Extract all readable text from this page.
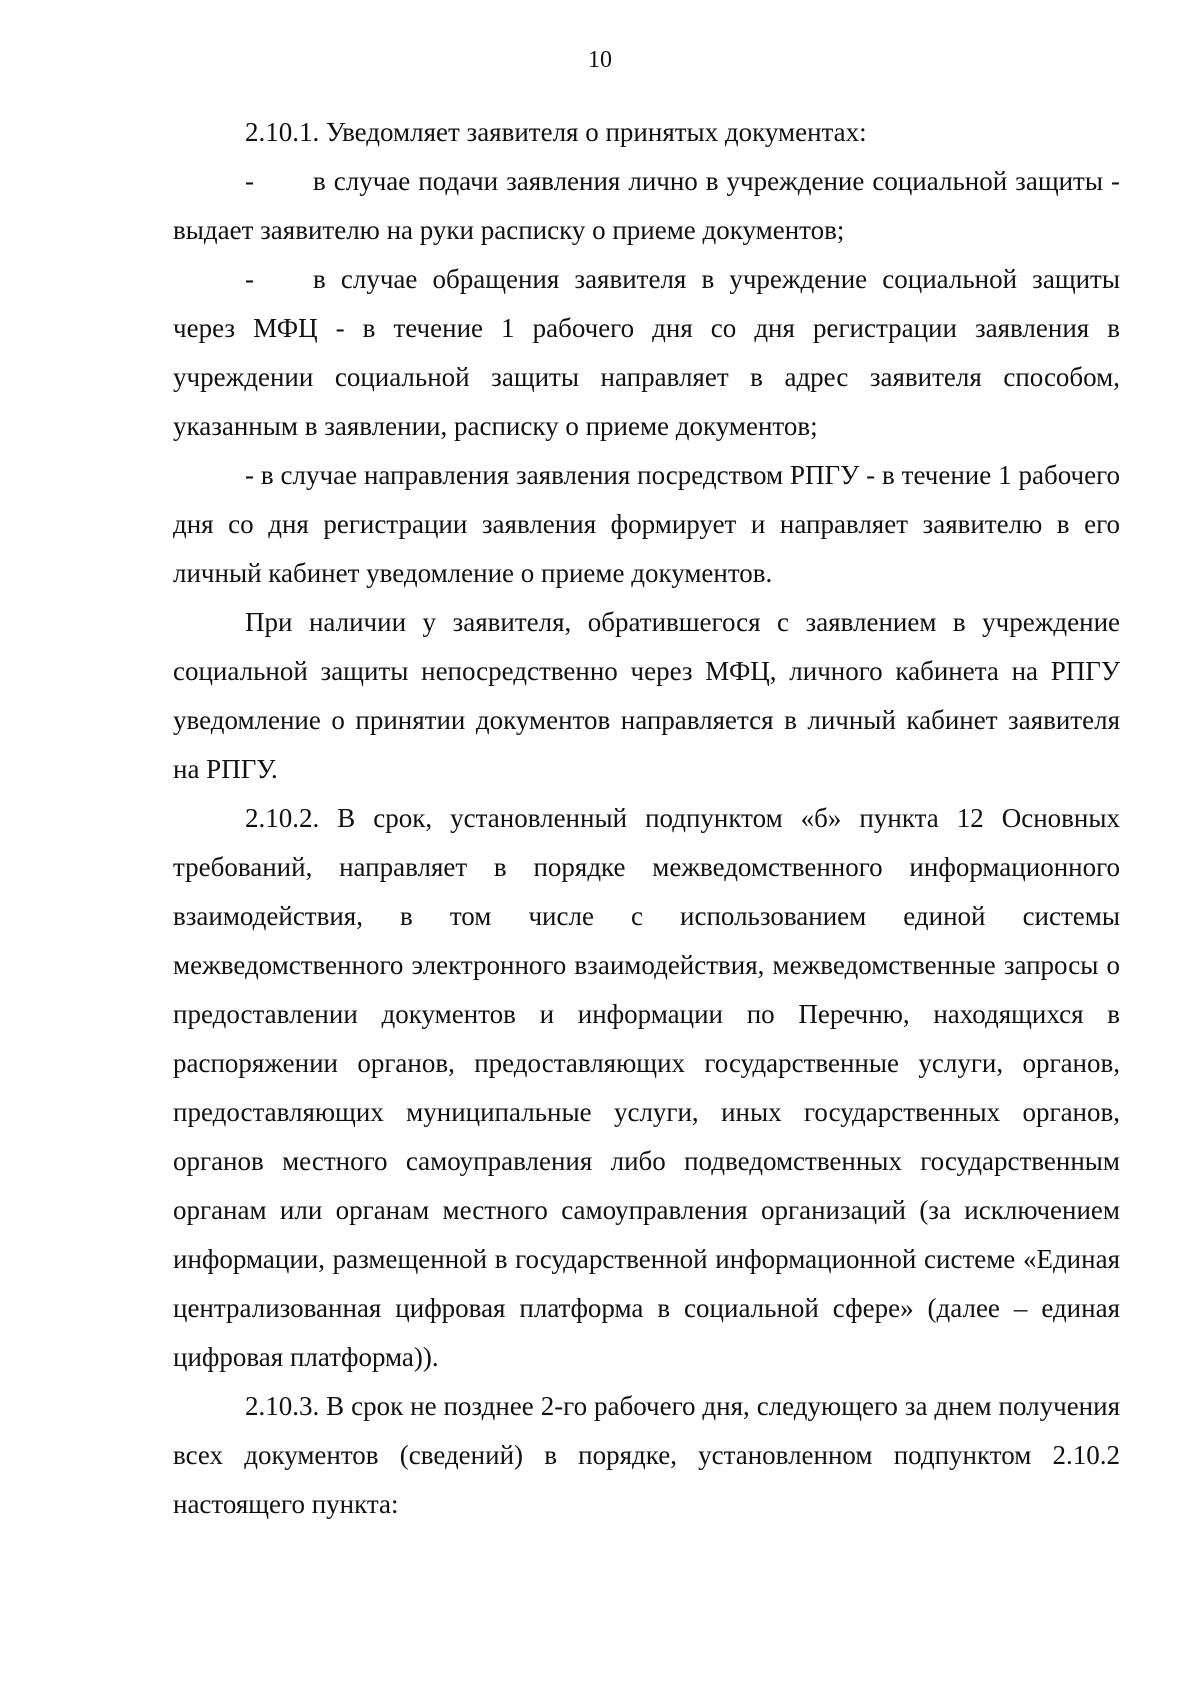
10

2.10.1. Уведомляет заявителя о принятых документах:

- в случае подачи заявления лично в учреждение социальной защиты - выдает заявителю на руки расписку о приеме документов;

- в случае обращения заявителя в учреждение социальной защиты через МФЦ - в течение 1 рабочего дня со дня регистрации заявления в учреждении социальной защиты направляет в адрес заявителя способом, указанным в заявлении, расписку о приеме документов;

- в случае направления заявления посредством РПГУ - в течение 1 рабочего дня со дня регистрации заявления формирует и направляет заявителю в его личный кабинет уведомление о приеме документов.

При наличии у заявителя, обратившегося с заявлением в учреждение социальной защиты непосредственно через МФЦ, личного кабинета на РПГУ уведомление о принятии документов направляется в личный кабинет заявителя на РПГУ.

2.10.2. В срок, установленный подпунктом «б» пункта 12 Основных требований, направляет в порядке межведомственного информационного взаимодействия, в том числе с использованием единой системы межведомственного электронного взаимодействия, межведомственные запросы о предоставлении документов и информации по Перечню, находящихся в распоряжении органов, предоставляющих государственные услуги, органов, предоставляющих муниципальные услуги, иных государственных органов, органов местного самоуправления либо подведомственных государственным органам или органам местного самоуправления организаций (за исключением информации, размещенной в государственной информационной системе «Единая централизованная цифровая платформа в социальной сфере» (далее – единая цифровая платформа)).

2.10.3. В срок не позднее 2-го рабочего дня, следующего за днем получения всех документов (сведений) в порядке, установленном подпунктом 2.10.2 настоящего пункта:
